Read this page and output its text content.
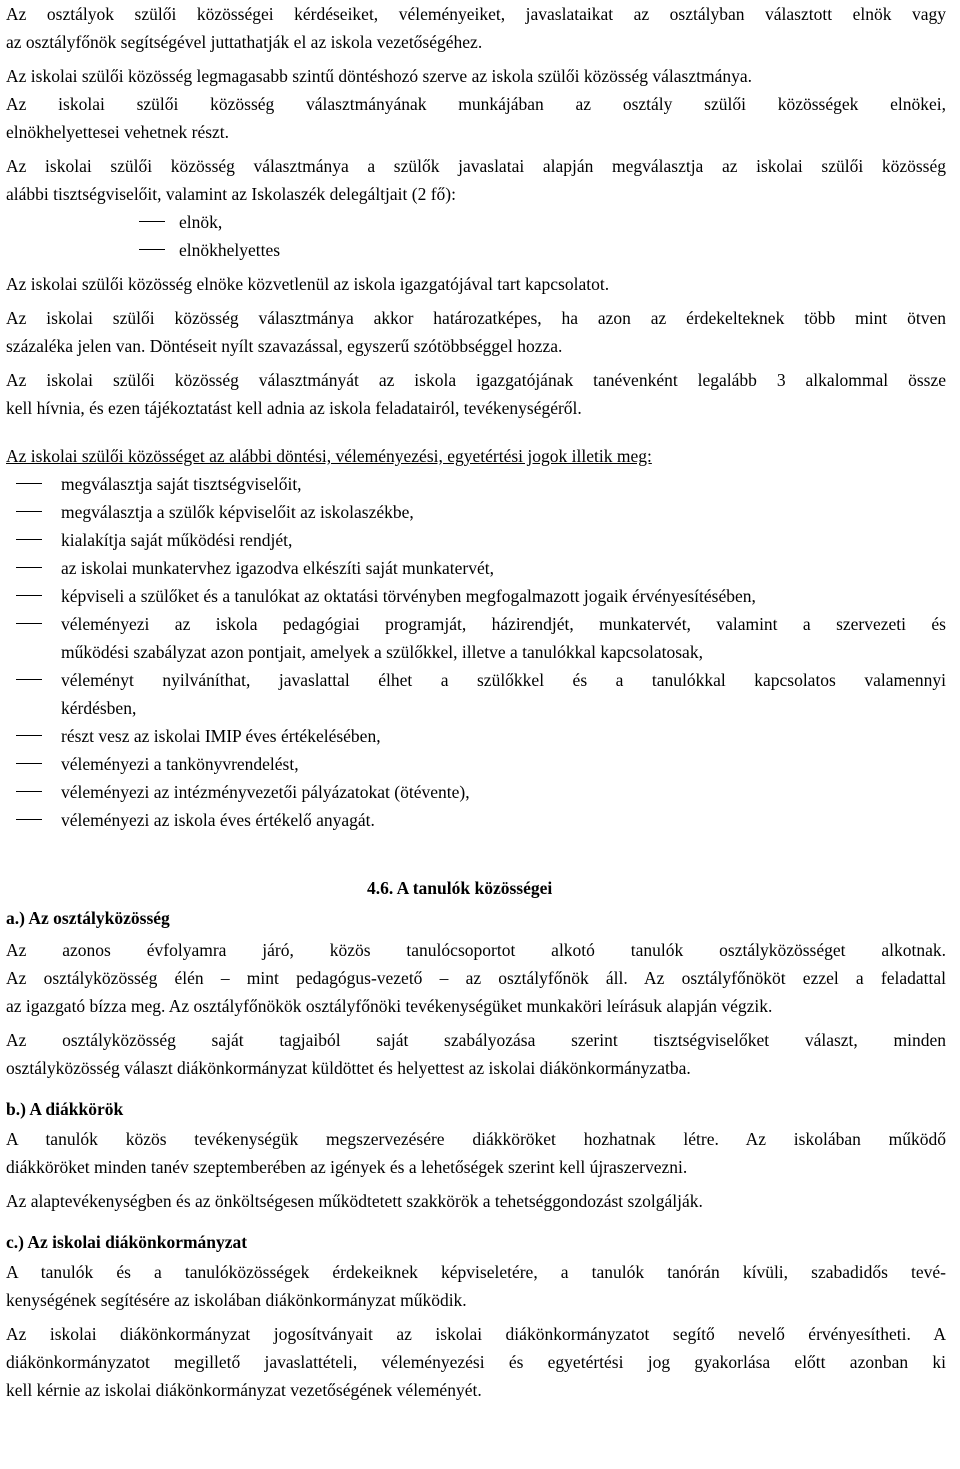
Az osztályok szülői közösségei kérdéseiket, véleményeiket, javaslataikat az osztályban választott elnök vagy

az osztályfőnök segítségével juttathatják el az iskola vezetőségéhez.

Az iskolai szülői közösség legmagasabb szintű döntéshozó szerve az iskola szülői közösség választmánya.

Az iskolai szülői közösség választmányának munkájában az osztály szülői közösségek elnökei,

elnökhelyettesei vehetnek részt.

Az iskolai szülői közösség választmánya a szülők javaslatai alapján megválasztja az iskolai szülői közösség

alábbi tisztségviselőit, valamint az Iskolaszék delegáltjait (2 fő):

elnök,
elnökhelyettes

Az iskolai szülői közösség elnöke közvetlenül az iskola igazgatójával tart kapcsolatot.

Az iskolai szülői közösség választmánya akkor határozatképes, ha azon az érdekelteknek több mint ötven

százaléka jelen van. Döntéseit nyílt szavazással, egyszerű szótöbbséggel hozza.

Az iskolai szülői közösség választmányát az iskola igazgatójának tanévenként legalább 3 alkalommal össze

kell hívnia, és ezen tájékoztatást kell adnia az iskola feladatairól, tevékenységéről.

Az iskolai szülői közösséget az alábbi döntési, véleményezési, egyetértési jogok illetik meg:

megválasztja saját tisztségviselőit,
megválasztja a szülők képviselőit az iskolaszékbe,
kialakítja saját működési rendjét,
az iskolai munkatervhez igazodva elkészíti saját munkatervét,
képviseli a szülőket és a tanulókat az oktatási törvényben megfogalmazott jogaik érvényesítésében,

véleményezi az iskola pedagógiai programját, házirendjét, munkatervét, valamint a szervezeti és

működési szabályzat azon pontjait, amelyek a szülőkkel, illetve a tanulókkal kapcsolatosak,

véleményt nyilváníthat, javaslattal élhet a szülőkkel és a tanulókkal kapcsolatos valamennyi

kérdésben,

részt vesz az iskolai IMIP éves értékelésében,
véleményezi a tankönyvrendelést,
véleményezi az intézményvezetői pályázatokat (ötévente),
véleményezi az iskola éves értékelő anyagát.

4.6. A tanulók közösségei

a.) Az osztályközösség

Az azonos évfolyamra járó, közös tanulócsoportot alkotó tanulók osztályközösséget alkotnak.

Az osztályközösség élén – mint pedagógus-vezető – az osztályfőnök áll. Az osztályfőnököt ezzel a feladattal

az igazgató bízza meg. Az osztályfőnökök osztályfőnöki tevékenységüket munkaköri leírásuk alapján végzik.

Az osztályközösség saját tagjaiból saját szabályozása szerint tisztségviselőket választ, minden

osztályközösség választ diákönkormányzat küldöttet és helyettest az iskolai diákönkormányzatba.

b.) A diákkörök

A tanulók közös tevékenységük megszervezésére diákköröket hozhatnak létre. Az iskolában működő

diákköröket minden tanév szeptemberében az igények és a lehetőségek szerint kell újraszervezni.

Az alaptevékenységben és az önköltségesen működtetett szakkörök a tehetséggondozást szolgálják.

c.) Az iskolai diákönkormányzat

A tanulók és a tanulóközösségek érdekeiknek képviseletére, a tanulók tanórán kívüli, szabadidős tevé-

kenységének segítésére az iskolában diákönkormányzat működik.

Az iskolai diákönkormányzat jogosítványait az iskolai diákönkormányzatot segítő nevelő érvényesítheti. A

diákönkormányzatot megillető javaslattételi, véleményezési és egyetértési jog gyakorlása előtt azonban ki

kell kérnie az iskolai diákönkormányzat vezetőségének véleményét.
